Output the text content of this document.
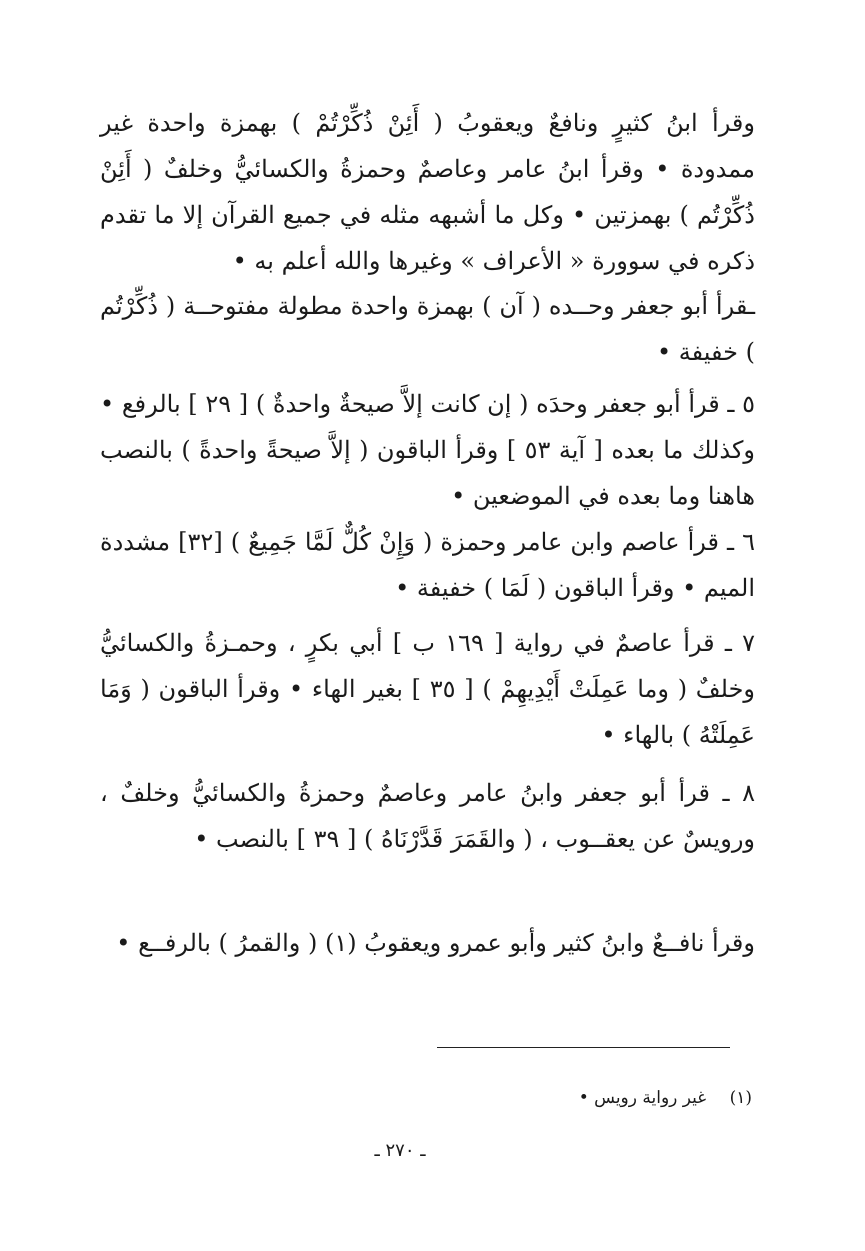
وقرأ ابنُ كثيرٍ ونافعٌ ويعقوبُ ( أَئِنْ ذُكِّرْتُمْ ) بهمزة واحدة غير ممدودة • وقرأ ابنُ عامر وعاصمٌ وحمزةُ والكسائيُّ وخلفٌ ( أَئِنْ ذُكِّرْتُم ) بهمزتين • وكل ما أشبهه مثله في جميع القرآن إلا ما تقدم ذكره في سوورة « الأعراف » وغيرها والله أعلم به •

ـقرأ أبو جعفر وحــده ( آن ) بهمزة واحدة مطولة مفتوحــة ( ذُكِّرْتُم ) خفيفة •

٥ ـ قرأ أبو جعفر وحدَه ( إن كانت إلاَّ صيحةٌ واحدةٌ ) [ ٢٩ ] بالرفع • وكذلك ما بعده [ آية ٥٣ ] وقرأ الباقون ( إلاَّ صيحةً واحدةً ) بالنصب هاهنا وما بعده في الموضعين •

٦ ـ قرأ عاصم وابن عامر وحمزة ( وَإِنْ كُلٌّ لَمَّا جَمِيعٌ ) [٣٢] مشددة الميم • وقرأ الباقون ( لَمَا ) خفيفة •

٧ ـ قرأ عاصمٌ في رواية [ ١٦٩ ب ] أبي بكرٍ ، وحمـزةُ والكسائيُّ وخلفٌ ( وما عَمِلَتْ أَيْدِيهِمْ ) [ ٣٥ ] بغير الهاء • وقرأ الباقون ( وَمَا عَمِلَتْهُ ) بالهاء •

٨ ـ قرأ أبو جعفر وابنُ عامر وعاصمٌ وحمزةُ والكسائيُّ وخلفٌ ، ورويسٌ عن يعقــوب ، ( والقَمَرَ قَدَّرْنَاهُ ) [ ٣٩ ] بالنصب •

وقرأ نافــعٌ وابنُ كثير وأبو عمرو ويعقوبُ (١) ( والقمرُ ) بالرفــع •

(١) غير رواية رويس •
ـ ٢٧٠ ـ
